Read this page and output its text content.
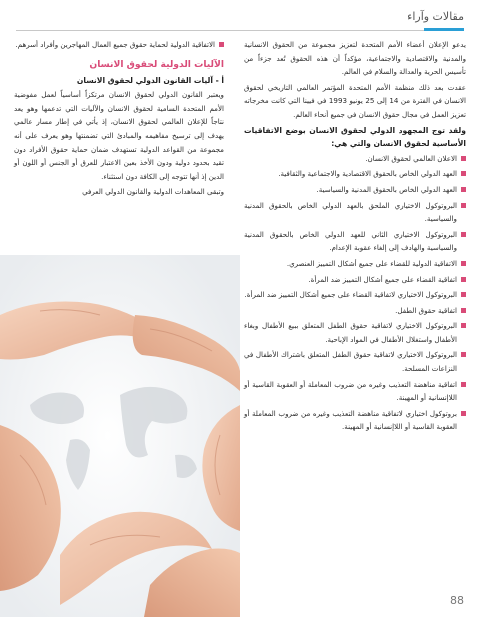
مقالات وآراء

يدعو الإعلان أعضاء الأمم المتحدة لتعزيز مجموعة من الحقوق الانسانية والمدنية والاقتصادية والاجتماعية، مؤكداً أن هذه الحقوق تُعد جزءاً من تأسيس الحرية والعدالة والسلام في العالم.

عقدت بعد ذلك منظمة الأمم المتحدة المؤتمر العالمي التاريخي لحقوق الانسان في الفترة من 14 إلى 25 يونيو 1993 في فيينا التي كانت مخرجاته تعزيز العمل في مجال حقوق الانسان في جميع أنحاء العالم.

ولقد توج المجهود الدولي لحقوق الانسان بوضع الاتفاقيات الأساسية لحقوق الانسان والتي هي:
الاعلان العالمي لحقوق الانسان.
العهد الدولي الخاص بالحقوق الاقتصادية والاجتماعية والثقافية.
العهد الدولي الخاص بالحقوق المدنية والسياسية.
البروتوكول الاختياري الملحق بالعهد الدولي الخاص بالحقوق المدنية والسياسية.
البروتوكول الاختياري الثاني للعهد الدولي الخاص بالحقوق المدنية والسياسية والهادف إلى إلغاء عقوبة الإعدام.
الاتفاقية الدولية للقضاء على جميع أشكال التمييز العنصري.
اتفاقية القضاء على جميع أشكال التمييز ضد المرأة.
البروتوكول الاختياري لاتفاقية القضاء على جميع أشكال التمييز ضد المرأة.
اتفاقية حقوق الطفل.
البروتوكول الاختياري لاتفاقية حقوق الطفل المتعلق ببيع الأطفال وبغاء الأطفال واستغلال الأطفال في المواد الإباحية.
البروتوكول الاختياري لاتفاقية حقوق الطفل المتعلق باشتراك الأطفال في النزاعات المسلحة.
اتفاقية مناهضة التعذيب وغيره من ضروب المعاملة أو العقوبة القاسية أو اللاإنسانية أو المهينة.
بروتوكول اختياري لاتفاقية مناهضة التعذيب وغيره من ضروب المعاملة أو العقوبة القاسية أو اللاإنسانية أو المهينة.
الاتفاقية الدولية لحماية حقوق جميع العمال المهاجرين وأفراد أسرهم.
الآليات الدولية لحقوق الانسان
أ - آليات القانون الدولي لحقوق الانسان

ويعتبر القانون الدولي لحقوق الانسان مرتكزاً أساسياً لعمل مفوضية الأمم المتحدة السامية لحقوق الانسان والآليات التي تدعمها وهو يعد نتاجاً للإعلان العالمي لحقوق الانسان، إذ يأتي في إطار مسار عالمي يهدف إلى ترسيخ مفاهيمه والمبادئ التي تضمنتها وهو يعرف على أنه مجموعة من القواعد الدولية تستهدف ضمان حماية حقوق الأفراد دون تقيد بحدود دولية ودون الأخذ بعين الاعتبار للعرق أو الجنس أو اللون أو الدين إذ أنها تتوجه إلى الكافة دون استثناء.

وتبقى المعاهدات الدولية والقانون الدولي العرفي

88
